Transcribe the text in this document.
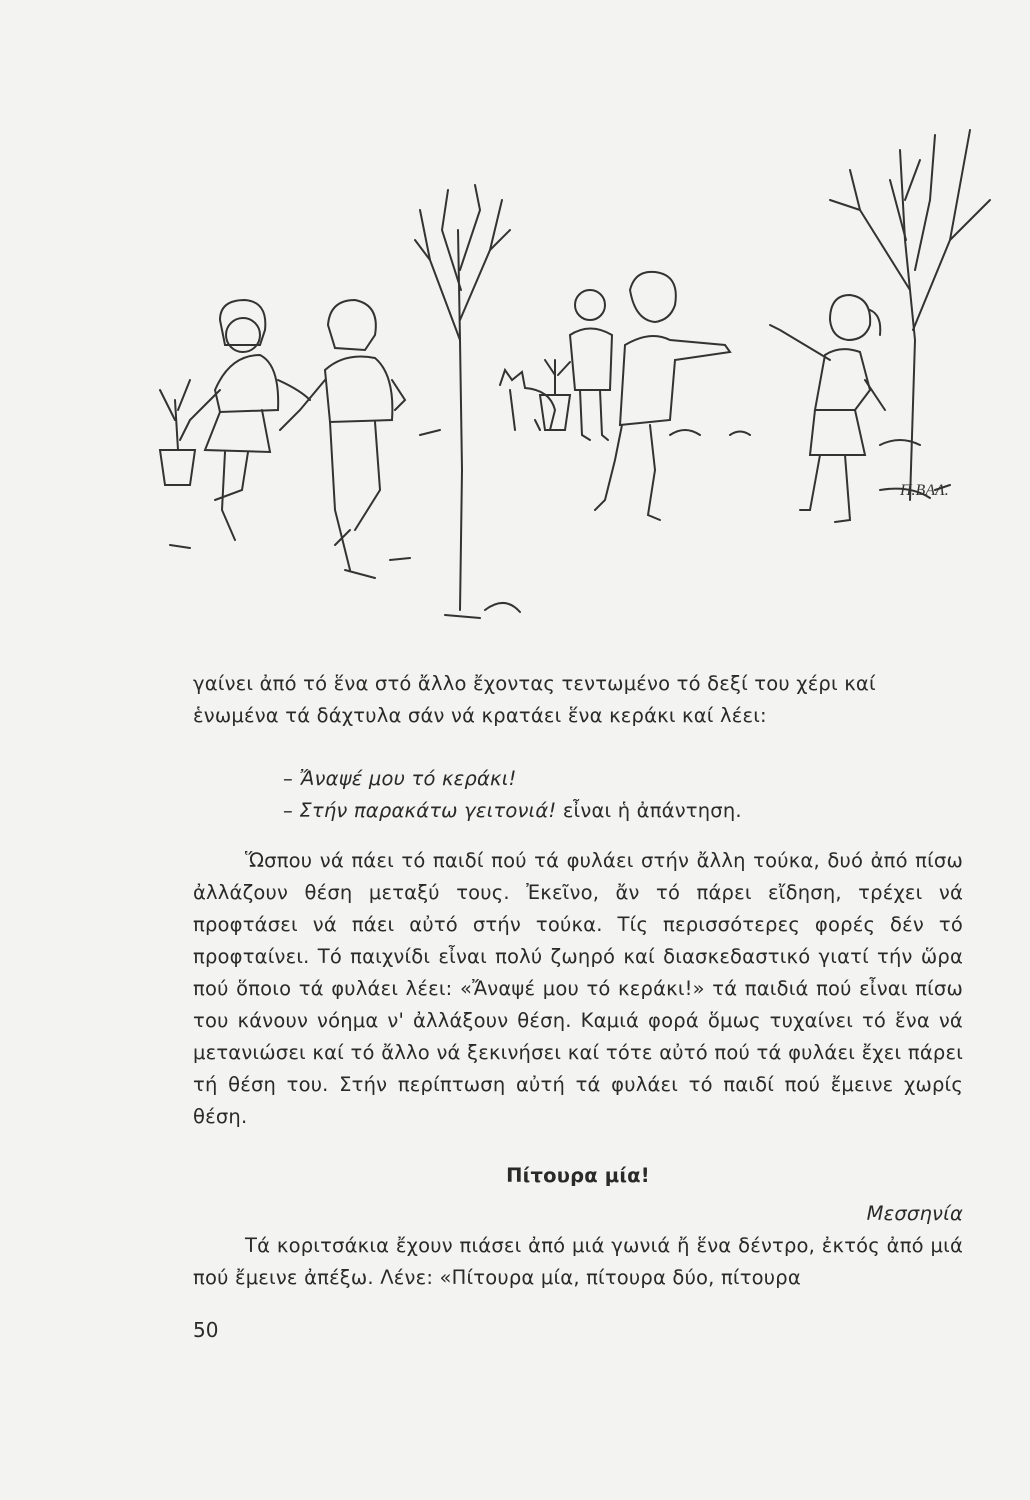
Π.ΒΑΛ.

γαίνει ἀπό τό ἕνα στό ἄλλο ἔχοντας τεντωμένο τό δεξί του χέρι καί

ἑνωμένα τά δάχτυλα σάν νά κρατάει ἕνα κεράκι καί λέει:

– Ἄναψέ μου τό κεράκι!

– Στήν παρακάτω γειτονιά! εἶναι ἡ ἀπάντηση.

Ὥσπου νά πάει τό παιδί πού τά φυλάει στήν ἄλλη τούκα, δυό ἀπό πίσω ἀλλάζουν θέση μεταξύ τους. Ἐκεῖνο, ἄν τό πάρει εἴδηση, τρέχει νά προφτάσει νά πάει αὐτό στήν τούκα. Τίς περισσότερες φορές δέν τό προφταίνει. Τό παιχνίδι εἶναι πολύ ζωηρό καί διασκεδαστικό γιατί τήν ὥρα πού ὅποιο τά φυλάει λέει: «Ἄναψέ μου τό κεράκι!» τά παιδιά πού εἶναι πίσω του κάνουν νόημα ν' ἀλλάξουν θέση. Καμιά φορά ὅμως τυχαίνει τό ἕνα νά μετανιώσει καί τό ἄλλο νά ξεκινήσει καί τότε αὐτό πού τά φυλάει ἔχει πάρει τή θέση του. Στήν περίπτωση αὐτή τά φυλάει τό παιδί πού ἔμεινε χωρίς θέση.

Πίτουρα μία!

Μεσσηνία

Τά κοριτσάκια ἔχουν πιάσει ἀπό μιά γωνιά ἤ ἕνα δέντρο, ἐκτός ἀπό μιά πού ἔμεινε ἀπέξω. Λένε: «Πίτουρα μία, πίτουρα δύο, πίτουρα

50
